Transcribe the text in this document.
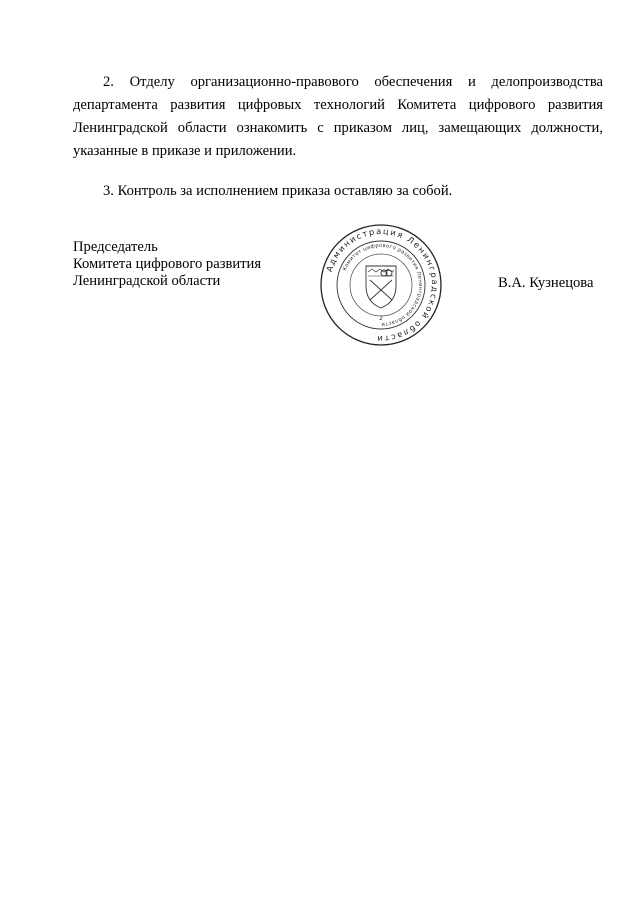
2. Отделу организационно-правового обеспечения и делопроизводства
департамента развития цифровых технологий Комитета цифрового развития
Ленинградской области ознакомить с приказом лиц, замещающих должности,
указанные в приказе и приложении.
3. Контроль за исполнением приказа оставляю за собой.
Председатель
Комитета цифрового развития
Ленинградской области
Администрация Ленинградской области
Комитет цифрового развития Ленинградской области
2
В.А. Кузнецова
